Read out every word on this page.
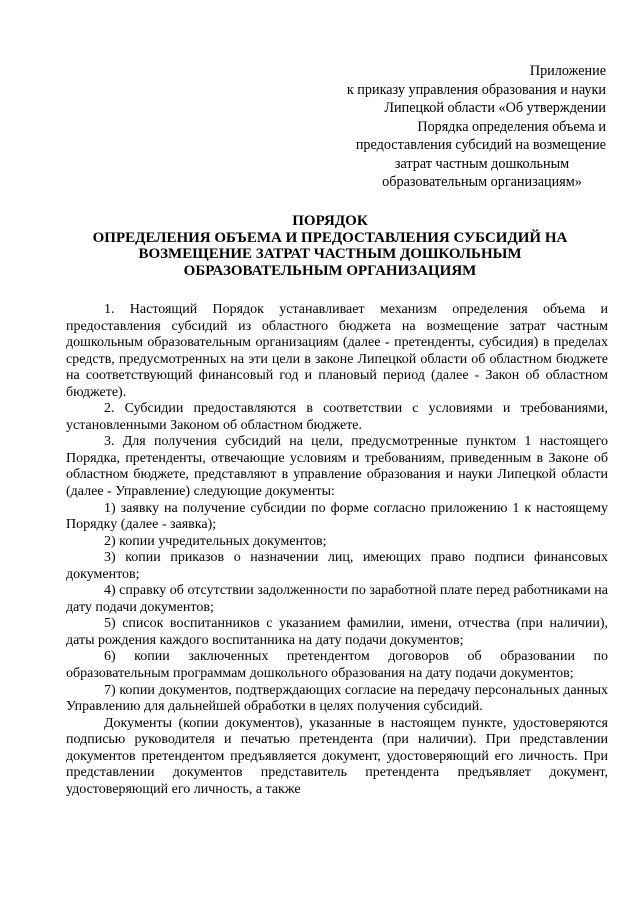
Приложение
к приказу управления образования и науки
Липецкой области «Об утверждении
Порядка определения объема и
предоставления субсидий на возмещение
затрат частным дошкольным
образовательным организациям»
ПОРЯДОК
ОПРЕДЕЛЕНИЯ ОБЪЕМА И ПРЕДОСТАВЛЕНИЯ СУБСИДИЙ НА
ВОЗМЕЩЕНИЕ ЗАТРАТ ЧАСТНЫМ ДОШКОЛЬНЫМ
ОБРАЗОВАТЕЛЬНЫМ ОРГАНИЗАЦИЯМ

1. Настоящий Порядок устанавливает механизм определения объема и предоставления субсидий из областного бюджета на возмещение затрат частным дошкольным образовательным организациям (далее - претенденты, субсидия) в пределах средств, предусмотренных на эти цели в законе Липецкой области об областном бюджете на соответствующий финансовый год и плановый период (далее - Закон об областном бюджете).

2. Субсидии предоставляются в соответствии с условиями и требованиями, установленными Законом об областном бюджете.

3. Для получения субсидий на цели, предусмотренные пунктом 1 настоящего Порядка, претенденты, отвечающие условиям и требованиям, приведенным в Законе об областном бюджете, представляют в управление образования и науки Липецкой области (далее - Управление) следующие документы:

1) заявку на получение субсидии по форме согласно приложению 1 к настоящему Порядку (далее - заявка);

2) копии учредительных документов;

3) копии приказов о назначении лиц, имеющих право подписи финансовых документов;

4) справку об отсутствии задолженности по заработной плате перед работниками на дату подачи документов;

5) список воспитанников с указанием фамилии, имени, отчества (при наличии), даты рождения каждого воспитанника на дату подачи документов;

6) копии заключенных претендентом договоров об образовании по образовательным программам дошкольного образования на дату подачи документов;

7) копии документов, подтверждающих согласие на передачу персональных данных Управлению для дальнейшей обработки в целях получения субсидий.

Документы (копии документов), указанные в настоящем пункте, удостоверяются подписью руководителя и печатью претендента (при наличии). При представлении документов претендентом предъявляется документ, удостоверяющий его личность. При представлении документов представитель претендента предъявляет документ, удостоверяющий его личность, а также
